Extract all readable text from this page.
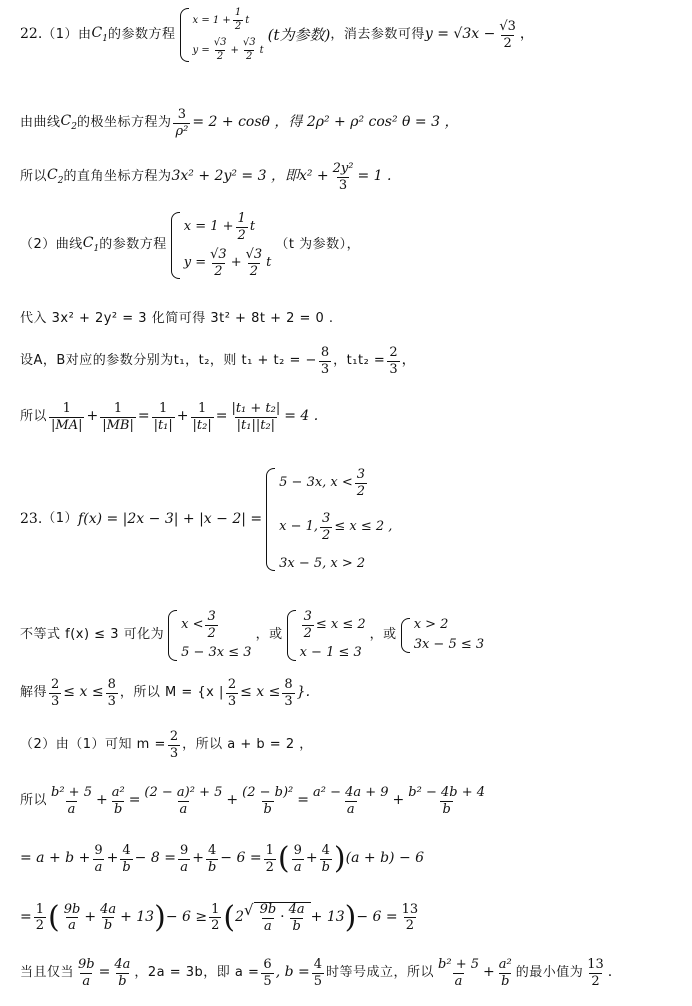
22. （1）由 $C_1$ 的参数方程
$x = 1 + \frac{1}{2}$ t
$y = \frac{√3}{2} + \frac{√3}{2}$ t
(t为参数) ，消去参数可得 $y = √3x - \frac{√3}{2}$ ，
由曲线 $C_2$ 的极坐标方程为 $\frac{3}{\text{ρ²}} = 2 + \cos\theta$ ，得 2ρ² + ρ² cos² θ = 3 ，
所以 $C_2$ 的直角坐标方程为 3x² + 2y² = 3 ，即 $x^2 + \frac{\text{2y²}}{3} = 1$ .
（2）曲线 $C_1$ 的参数方程
$x = 1 + \frac{1}{2}$ t
$y = \frac{√3}{2} + \frac{√3}{2}$ t
（t 为参数），
代入 3x² + 2y² = 3 化简可得 3t² + 8t + 2 = 0 .
设A，B对应的参数分别为t₁，t₂，则 t₁ + t₂ = − $\frac{8}{3}$ ，$t_1t_2 = \frac{2}{3}$ ，
所以 $\frac{1}{|MA|} + \frac{1}{|MB|} = \frac{1}{\text{|t₁|}} + \frac{1}{\text{|t₂|}} = \frac{\text{|t₁ + t₂|}}{\text{|t₁||t₂|}} = 4$ .
23. （1） f(x) = |2x − 3| + |x − 2| =
5 − 3x, $x < \frac{3}{2}$
x − 1, $\frac{3}{2} \le x \le 2$ ,
3x − 5, x > 2
不等式 f(x) ≤ 3 可化为
$x < \frac{3}{2}$
5 − 3x ≤ 3
，或 $\frac{3}{2} \le x \le 2$
x − 1 ≤ 3
，或
x > 2
3x − 5 ≤ 3
解得 $\frac{2}{3} \le x \le \frac{8}{3}$ ，所以 M = {x | $\frac{2}{3} \le x \le \frac{8}{3}$ }.
（2）由（1）可知 $m = \frac{2}{3}$ ，所以 a + b = 2 ，
所以 $\frac{\text{b² + 5}}{a} + \frac{\text{a²}}{b} = \frac{\text{(2 − a)² + 5}}{a} + \frac{\text{(2 − b)²}}{b} = \frac{\text{a² − 4a + 9}}{a} + \frac{\text{b² − 4b + 4}}{b}$
= $a + b + \frac{9}{a} + \frac{4}{b} - 8 = \frac{9}{a} + \frac{4}{b} - 6 = \frac{1}{2}$ ( $\frac{9}{a} + \frac{4}{b}$ ) (a + b) − 6
= $\frac{1}{2}$ ( $\frac{9b}{a} + \frac{4a}{b} + 13$ ) − $6 \ge \frac{1}{2}$ ( 2 √ $\frac{9b}{a} \cdot \frac{4a}{b} + 13$ ) − $6 = \frac{13}{2}$
当且仅当 $\frac{9b}{a} = \frac{4a}{b}$ ，2a = 3b，即 $a = \frac{6}{5}$ , $b = \frac{4}{5}$ 时等号成立，所以 $\frac{\text{b² + 5}}{a} + \frac{\text{a²}}{b}$ 的最小值为 $\frac{13}{2}$ .
